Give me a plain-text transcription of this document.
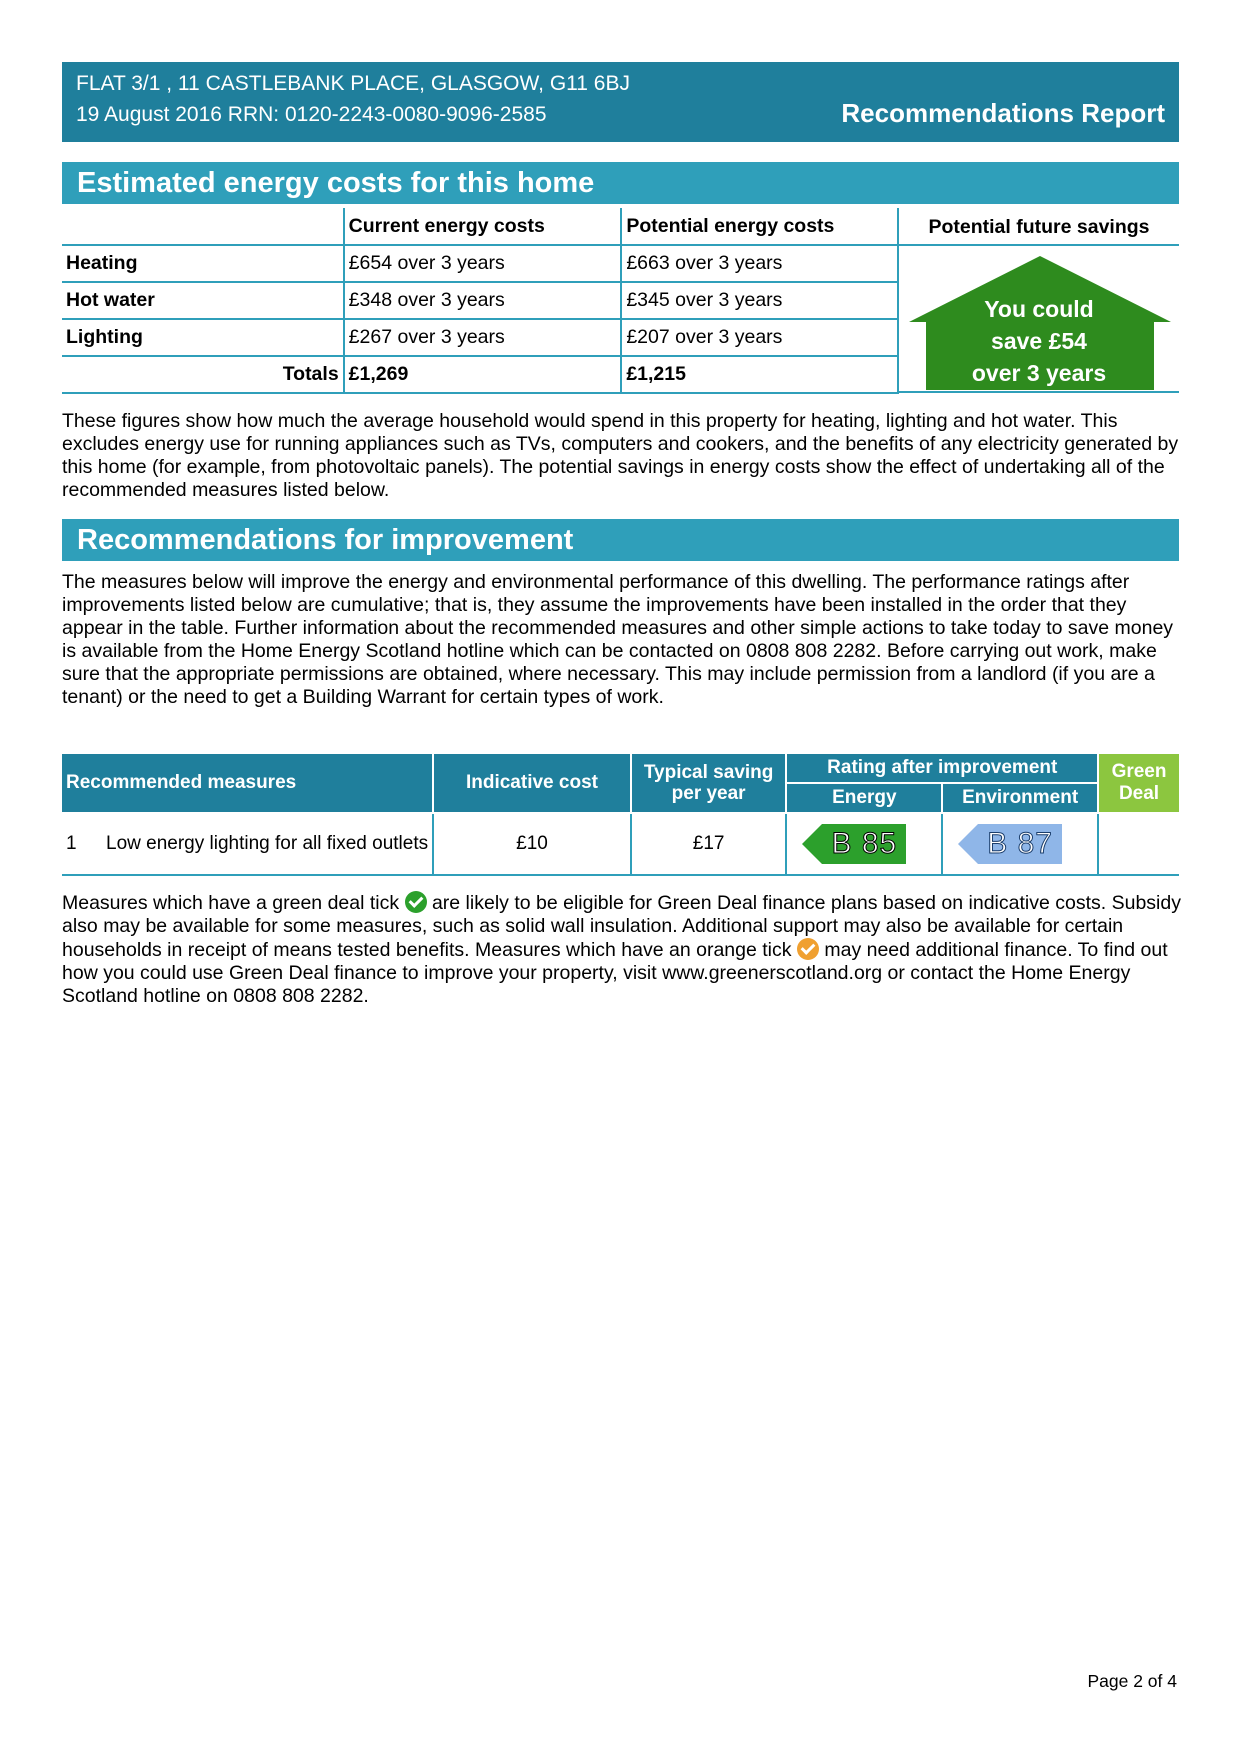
FLAT 3/1 , 11 CASTLEBANK PLACE, GLASGOW, G11 6BJ
19 August 2016 RRN: 0120-2243-0080-9096-2585	Recommendations Report
Estimated energy costs for this home
	Current energy costs	Potential energy costs
Heating	£654 over 3 years	£663 over 3 years
Hot water	£348 over 3 years	£345 over 3 years
Lighting	£267 over 3 years	£207 over 3 years
Totals	£1,269	£1,215
Potential future savings
You could
save £54
over 3 years

These figures show how much the average household would spend in this property for heating, lighting and hot water. This excludes energy use for running appliances such as TVs, computers and cookers, and the benefits of any electricity generated by this home (for example, from photovoltaic panels). The potential savings in energy costs show the effect of undertaking all of the recommended measures listed below.

Recommendations for improvement

The measures below will improve the energy and environmental performance of this dwelling. The performance ratings after improvements listed below are cumulative; that is, they assume the improvements have been installed in the order that they appear in the table. Further information about the recommended measures and other simple actions to take today to save money is available from the Home Energy Scotland hotline which can be contacted on 0808 808 2282. Before carrying out work, make sure that the appropriate permissions are obtained, where necessary. This may include permission from a landlord (if you are a tenant) or the need to get a Building Warrant for certain types of work.

Recommended measures	Indicative cost	Typical saving per year	Rating after improvement		Green Deal
			Energy	Environment	

1 Low energy lighting for all fixed outlets	£10	£17	B 85	B 87	

Measures which have a green deal tick are likely to be eligible for Green Deal finance plans based on indicative costs. Subsidy also may be available for some measures, such as solid wall insulation. Additional support may also be available for certain households in receipt of means tested benefits. Measures which have an orange tick may need additional finance. To find out how you could use Green Deal finance to improve your property, visit www.greenerscotland.org or contact the Home Energy Scotland hotline on 0808 808 2282.

Page 2 of 4
